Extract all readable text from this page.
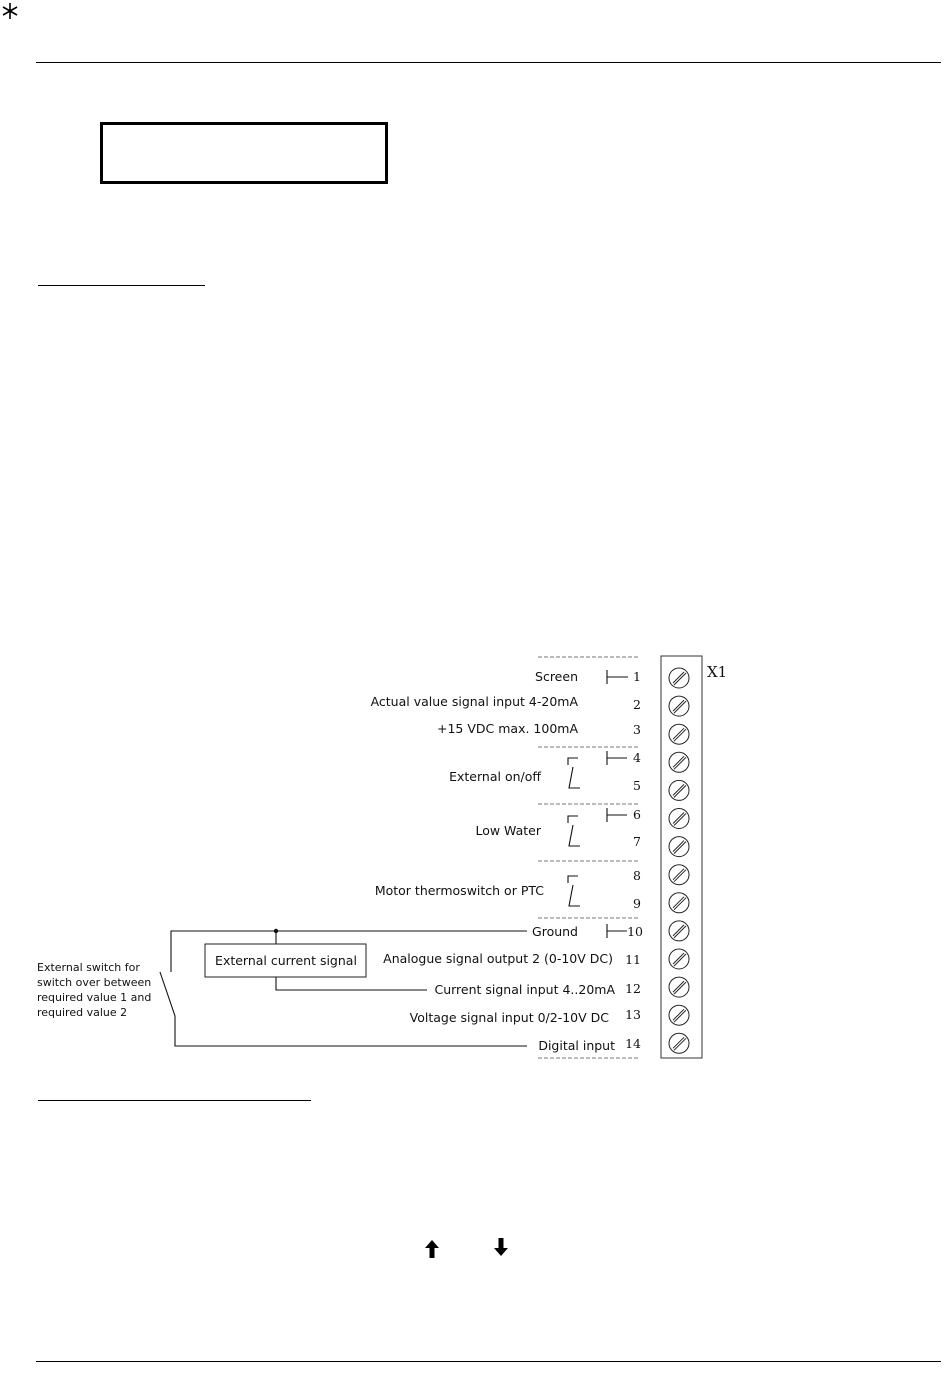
X1
Screen
Actual value signal input 4-20mA
+15 VDC max. 100mA
External on/off
Low Water
Motor thermoswitch or PTC
Ground
Analogue signal output 2 (0-10V DC)
Current signal input 4..20mA
Voltage signal input 0/2-10V DC
Digital input
1
2
3
4
5
6
7
8
9
10
11
12
13
14
External current signal
External switch for
switch over between
required value 1 and
required value 2
